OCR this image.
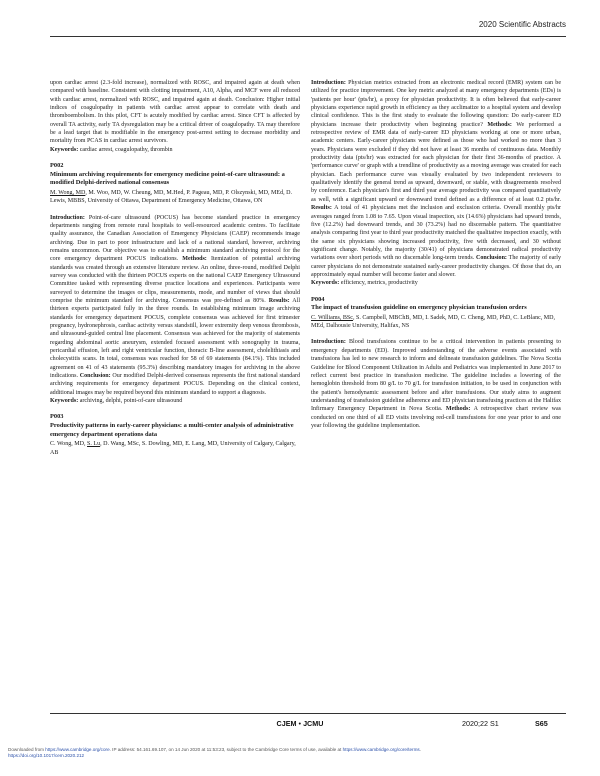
2020 Scientific Abstracts

upon cardiac arrest (2.3-fold increase), normalized with ROSC, and impaired again at death when compared with baseline. Consistent with clotting impairment, A10, Alpha, and MCF were all reduced with cardiac arrest, normalized with ROSC, and impaired again at death. Conclusion: Higher initial indices of coagulopathy in patients with cardiac arrest appear to correlate with death and thromboembolism. In this pilot, CFT is acutely modified by cardiac arrest. Since CFT is affected by overall TA activity, early TA dysregulation may be a critical driver of coagulopathy. TA may therefore be a lead target that is modifiable in the emergency post-arrest setting to decrease morbidity and mortality from PCAS in cardiac arrest survivors.

Keywords: cardiac arrest, coagulopathy, thrombin

P002

Minimum archiving requirements for emergency medicine point-of-care ultrasound: a modified Delphi-derived national consensus

M. Wong, MD, M. Woo, MD, W. Cheung, MD, M.Hed, P. Pageau, MD, P. Olszynski, MD, MEd, D. Lewis, MBBS, University of Ottawa, Department of Emergency Medicine, Ottawa, ON

Introduction: Point-of-care ultrasound (POCUS) has become standard practice in emergency departments ranging from remote rural hospitals to well-resourced academic centres. To facilitate quality assurance, the Canadian Association of Emergency Physicians (CAEP) recommends image archiving. Due in part to poor infrastructure and lack of a national standard, however, archiving remains uncommon. Our objective was to establish a minimum standard archiving protocol for the core emergency department POCUS indications. Methods: Itemization of potential archiving standards was created through an extensive literature review. An online, three-round, modified Delphi survey was conducted with the thirteen POCUS experts on the national CAEP Emergency Ultrasound Committee tasked with representing diverse practice locations and experiences. Participants were surveyed to determine the images or clips, measurements, mode, and number of views that should comprise the minimum standard for archiving. Consensus was pre-defined as 80%. Results: All thirteen experts participated fully in the three rounds. In establishing minimum image archiving standards for emergency department POCUS, complete consensus was achieved for first trimester pregnancy, hydronephrosis, cardiac activity versus standstill, lower extremity deep venous thrombosis, and ultrasound-guided central line placement. Consensus was achieved for the majority of statements regarding abdominal aortic aneurysm, extended focused assessment with sonography in trauma, pericardial effusion, left and right ventricular function, thoracic B-line assessment, cholelithiasis and cholecystitis scans. In total, consensus was reached for 58 of 69 statements (84.1%). This included agreement on 41 of 43 statements (95.3%) describing mandatory images for archiving in the above indications. Conclusion: Our modified Delphi-derived consensus represents the first national standard archiving requirements for emergency department POCUS. Depending on the clinical context, additional images may be required beyond this minimum standard to support a diagnosis.

Keywords: archiving, delphi, point-of-care ultrasound

P003

Productivity patterns in early-career physicians: a multi-center analysis of administrative emergency department operations data

C. Wong, MD, S. Lu, D. Wang, MSc, S. Dowling, MD, E. Lang, MD, University of Calgary, Calgary, AB

Introduction: Physician metrics extracted from an electronic medical record (EMR) system can be utilized for practice improvement. One key metric analyzed at many emergency departments (EDs) is 'patients per hour' (pts/hr), a proxy for physician productivity. It is often believed that early-career physicians experience rapid growth in efficiency as they acclimatize to a hospital system and develop clinical confidence. This is the first study to evaluate the following question: Do early-career ED physicians increase their productivity when beginning practice? Methods: We performed a retrospective review of EMR data of early-career ED physicians working at one or more urban, academic centers. Early-career physicians were defined as those who had worked no more than 3 years. Physicians were excluded if they did not have at least 36 months of continuous data. Monthly productivity data (pts/hr) was extracted for each physician for their first 36-months of practice. A 'performance curve' or graph with a trendline of productivity as a moving average was created for each physician. Each performance curve was visually evaluated by two independent reviewers to qualitatively identify the general trend as upward, downward, or stable, with disagreements resolved by conference. Each physician's first and third year average productivity was compared quantitatively as well, with a significant upward or downward trend defined as a difference of at least 0.2 pts/hr. Results: A total of 41 physicians met the inclusion and exclusion criteria. Overall monthly pts/hr averages ranged from 1.08 to 7.65. Upon visual inspection, six (14.6%) physicians had upward trends, five (12.2%) had downward trends, and 30 (73.2%) had no discernable pattern. The quantitative analysis comparing first year to third year productivity matched the qualitative inspection exactly, with the same six physicians showing increased productivity, five with decreased, and 30 without significant change. Notably, the majority (30/41) of physicians demonstrated radical productivity variations over short periods with no discernable long-term trends. Conclusion: The majority of early career physicians do not demonstrate sustained early-career productivity changes. Of those that do, an approximately equal number will become faster and slower.

Keywords: efficiency, metrics, productivity

P004

The impact of transfusion guideline on emergency physician transfusion orders

C. Williams, BSc, S. Campbell, MBChB, MD, I. Sadek, MD, C. Cheng, MD, PhD, C. LeBlanc, MD, MEd, Dalhousie University, Halifax, NS

Introduction: Blood transfusions continue to be a critical intervention in patients presenting to emergency departments (ED). Improved understanding of the adverse events associated with transfusions has led to new research to inform and delineate transfusion guidelines. The Nova Scotia Guideline for Blood Component Utilization in Adults and Pediatrics was implemented in June 2017 to reflect current best practice in transfusion medicine. The guideline includes a lowering of the hemoglobin threshold from 80 g/L to 70 g/L for transfusion initiation, to be used in conjunction with the patient's hemodynamic assessment before and after transfusions. Our study aims to augment understanding of transfusion guideline adherence and ED physician transfusing practices at the Halifax Infirmary Emergency Department in Nova Scotia. Methods: A retrospective chart review was conducted on one third of all ED visits involving red-cell transfusions for one year prior to and one year following the guideline implementation.

CJEM • JCMU	2020;22 S1	S65
Downloaded from https://www.cambridge.org/core. IP address: 54.161.69.107, on 14 Jun 2020 at 11:53:23, subject to the Cambridge Core terms of use, available at https://www.cambridge.org/core/terms.
https://doi.org/10.1017/cem.2020.212
